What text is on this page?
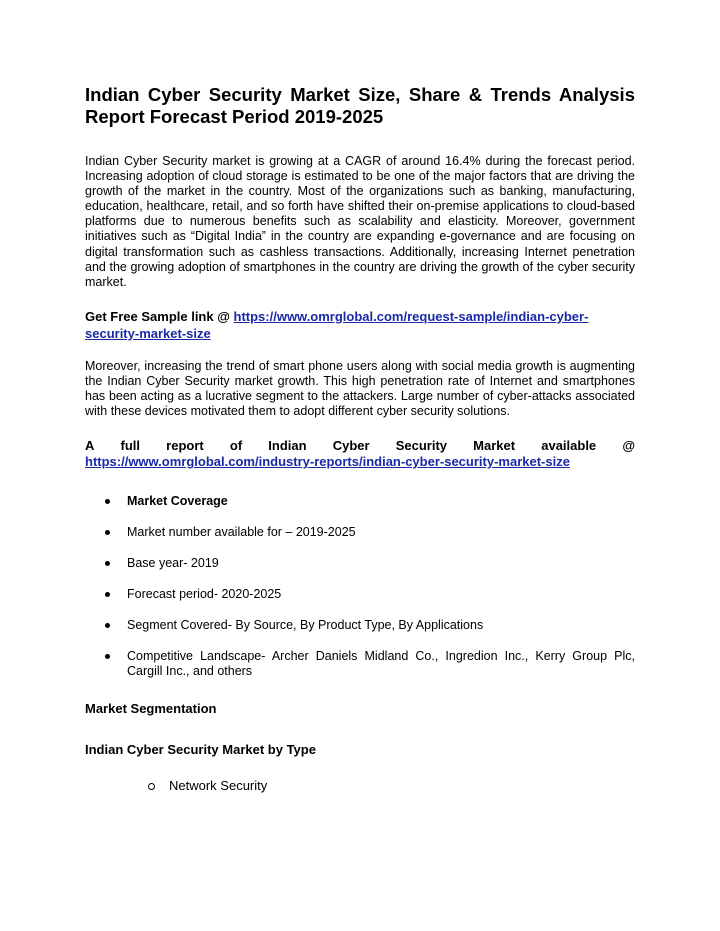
Indian Cyber Security Market Size, Share & Trends Analysis Report Forecast Period 2019-2025

Indian Cyber Security market is growing at a CAGR of around 16.4% during the forecast period. Increasing adoption of cloud storage is estimated to be one of the major factors that are driving the growth of the market in the country. Most of the organizations such as banking, manufacturing, education, healthcare, retail, and so forth have shifted their on-premise applications to cloud-based platforms due to numerous benefits such as scalability and elasticity. Moreover, government initiatives such as “Digital India” in the country are expanding e-governance and are focusing on digital transformation such as cashless transactions. Additionally, increasing Internet penetration and the growing adoption of smartphones in the country are driving the growth of the cyber security market.

Get Free Sample link @ https://www.omrglobal.com/request-sample/indian-cyber-security-market-size

Moreover, increasing the trend of smart phone users along with social media growth is augmenting the Indian Cyber Security market growth. This high penetration rate of Internet and smartphones has been acting as a lucrative segment to the attackers. Large number of cyber-attacks associated with these devices motivated them to adopt different cyber security solutions.

A full report of Indian Cyber Security Market available @

https://www.omrglobal.com/industry-reports/indian-cyber-security-market-size

Market Coverage
Market number available for – 2019-2025
Base year- 2019
Forecast period- 2020-2025
Segment Covered- By Source, By Product Type, By Applications
Competitive Landscape- Archer Daniels Midland Co., Ingredion Inc., Kerry Group Plc, Cargill Inc., and others

Market Segmentation

Indian Cyber Security Market by Type

Network Security
